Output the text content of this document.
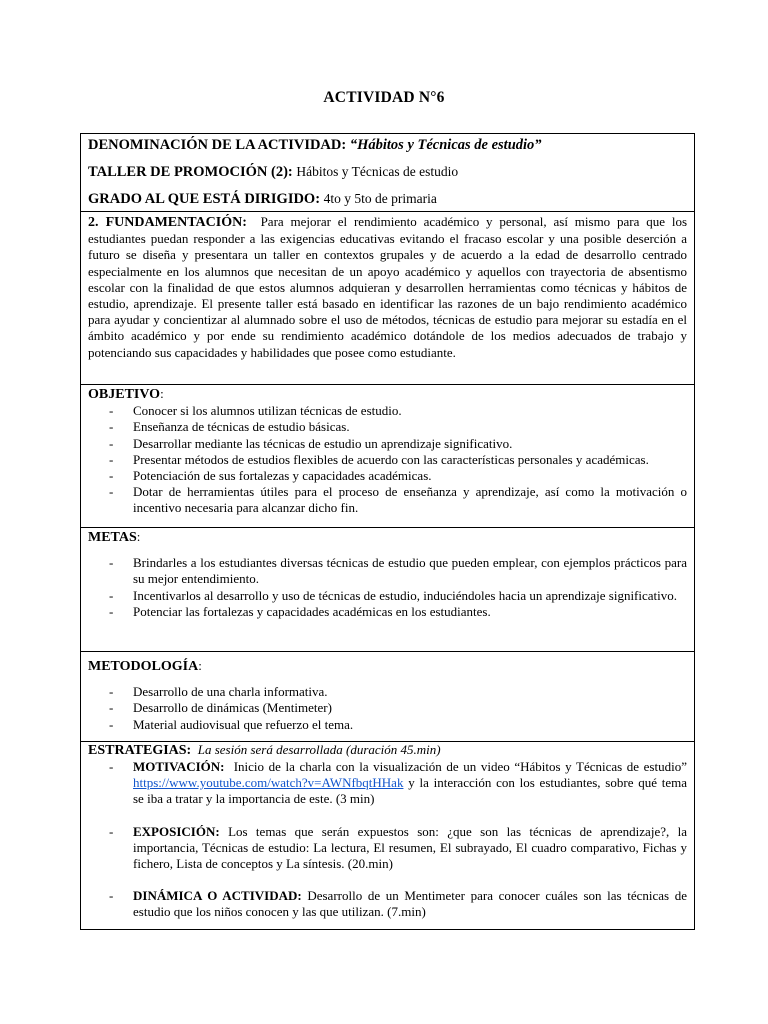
ACTIVIDAD N°6

DENOMINACIÓN DE LA ACTIVIDAD: “Hábitos y Técnicas de estudio”

TALLER DE PROMOCIÓN (2): Hábitos y Técnicas de estudio

GRADO AL QUE ESTÁ DIRIGIDO: 4to y 5to de primaria

2. FUNDAMENTACIÓN: Para mejorar el rendimiento académico y personal, así mismo para que los estudiantes puedan responder a las exigencias educativas evitando el fracaso escolar y una posible deserción a futuro se diseña y presentara un taller en contextos grupales y de acuerdo a la edad de desarrollo centrado especialmente en los alumnos que necesitan de un apoyo académico y aquellos con trayectoria de absentismo escolar con la finalidad de que estos alumnos adquieran y desarrollen herramientas como técnicas y hábitos de estudio, aprendizaje. El presente taller está basado en identificar las razones de un bajo rendimiento académico para ayudar y concientizar al alumnado sobre el uso de métodos, técnicas de estudio para mejorar su estadía en el ámbito académico y por ende su rendimiento académico dotándole de los medios adecuados de trabajo y potenciando sus capacidades y habilidades que posee como estudiante.

OBJETIVO:
- Conocer si los alumnos utilizan técnicas de estudio.
- Enseñanza de técnicas de estudio básicas.
- Desarrollar mediante las técnicas de estudio un aprendizaje significativo.
- Presentar métodos de estudios flexibles de acuerdo con las características personales y académicas.
- Potenciación de sus fortalezas y capacidades académicas.
- Dotar de herramientas útiles para el proceso de enseñanza y aprendizaje, así como la motivación o incentivo necesaria para alcanzar dicho fin.
METAS:
- Brindarles a los estudiantes diversas técnicas de estudio que pueden emplear, con ejemplos prácticos para su mejor entendimiento.
- Incentivarlos al desarrollo y uso de técnicas de estudio, induciéndoles hacia un aprendizaje significativo.
- Potenciar las fortalezas y capacidades académicas en los estudiantes.
METODOLOGÍA:
- Desarrollo de una charla informativa.
- Desarrollo de dinámicas (Mentimeter)
- Material audiovisual que refuerzo el tema.
ESTRATEGIAS: La sesión será desarrollada (duración 45.min)
- MOTIVACIÓN: Inicio de la charla con la visualización de un video “Hábitos y Técnicas de estudio” https://www.youtube.com/watch?v=AWNfbqtHHak y la interacción con los estudiantes, sobre qué tema se iba a tratar y la importancia de este. (3 min)
- EXPOSICIÓN: Los temas que serán expuestos son: ¿que son las técnicas de aprendizaje?, la importancia, Técnicas de estudio: La lectura, El resumen, El subrayado, El cuadro comparativo, Fichas y fichero, Lista de conceptos y La síntesis. (20.min)
- DINÁMICA O ACTIVIDAD: Desarrollo de un Mentimeter para conocer cuáles son las técnicas de estudio que los niños conocen y las que utilizan. (7.min)
